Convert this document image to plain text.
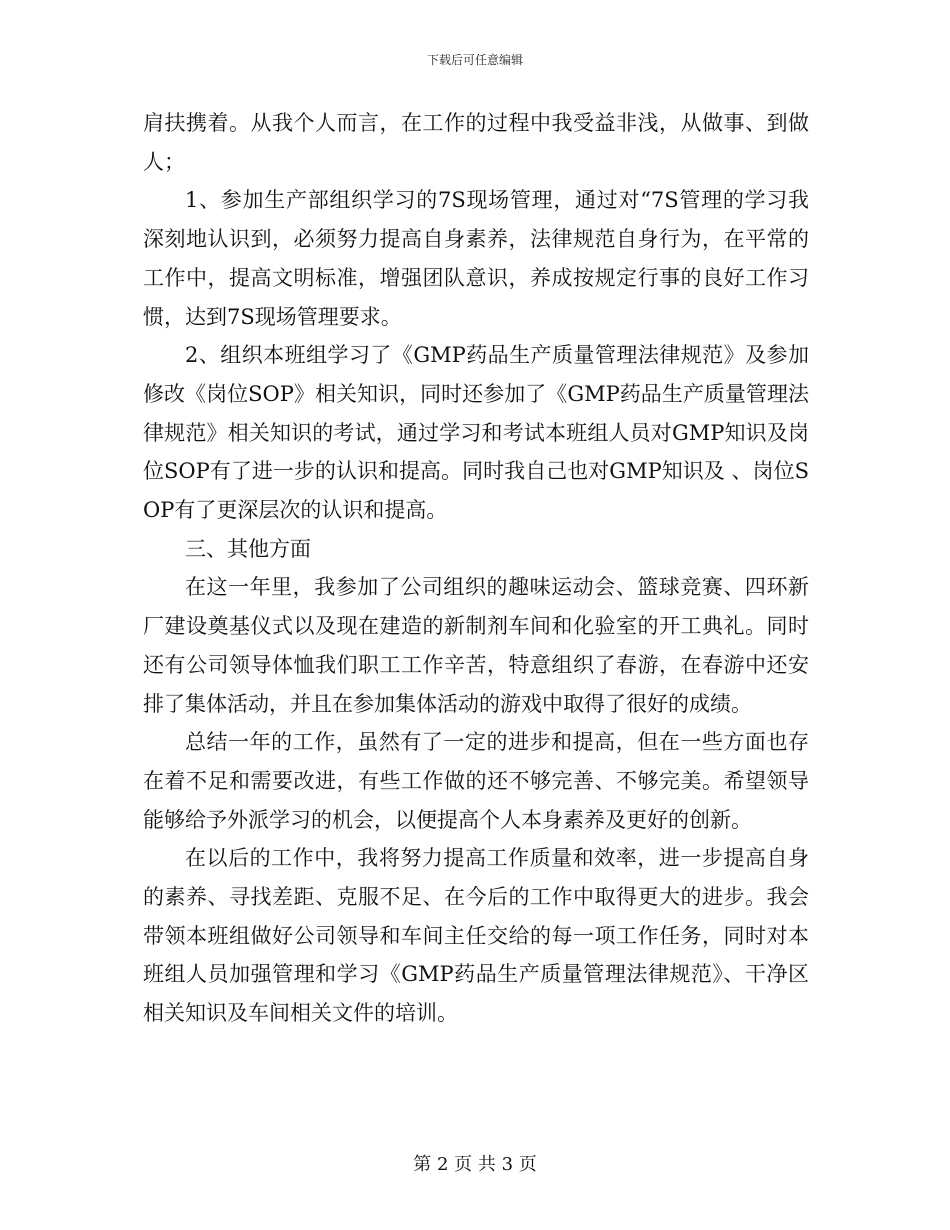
下载后可任意编辑

肩扶携着。从我个人而言，在工作的过程中我受益非浅，从做事、到做人；

1、参加生产部组织学习的7S现场管理，通过对“7S管理的学习我深刻地认识到，必须努力提高自身素养，法律规范自身行为，在平常的工作中，提高文明标准，增强团队意识，养成按规定行事的良好工作习惯，达到7S现场管理要求。

2、组织本班组学习了《GMP药品生产质量管理法律规范》及参加修改《岗位SOP》相关知识，同时还参加了《GMP药品生产质量管理法律规范》相关知识的考试，通过学习和考试本班组人员对GMP知识及岗位SOP有了进一步的认识和提高。同时我自己也对GMP知识及 、岗位SOP有了更深层次的认识和提高。

三、其他方面

在这一年里，我参加了公司组织的趣味运动会、篮球竞赛、四环新厂建设奠基仪式以及现在建造的新制剂车间和化验室的开工典礼。同时还有公司领导体恤我们职工工作辛苦，特意组织了春游，在春游中还安排了集体活动，并且在参加集体活动的游戏中取得了很好的成绩。

总结一年的工作，虽然有了一定的进步和提高，但在一些方面也存在着不足和需要改进，有些工作做的还不够完善、不够完美。希望领导能够给予外派学习的机会，以便提高个人本身素养及更好的创新。

在以后的工作中，我将努力提高工作质量和效率，进一步提高自身的素养、寻找差距、克服不足、在今后的工作中取得更大的进步。我会带领本班组做好公司领导和车间主任交给的每一项工作任务，同时对本班组人员加强管理和学习《GMP药品生产质量管理法律规范》、干净区相关知识及车间相关文件的培训。

第 2 页 共 3 页
